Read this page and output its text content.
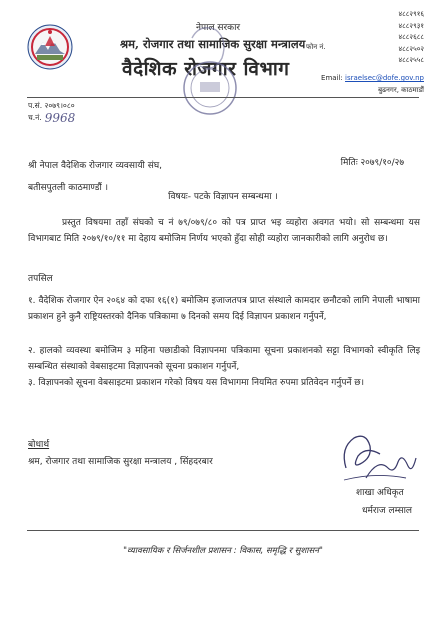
नेपाल सरकार
श्रम, रोजगार तथा सामाजिक सुरक्षा मन्त्रालय
वैदेशिक रोजगार विभाग
फोन नं.
४८८२९१६
४८८२९३१
४८८२६८८
४८८२५०२
४८८२५५८
Email: israelsec@dofe.gov.np
बुढनगर, काठमाडौं
प.सं. २०७९।०८०
च.नं. 9968
श्री नेपाल वैदेशिक रोजगार व्यवसायी संघ,
बतीसपुतली काठमाण्डौं ।
मितिः २०७९/१०/२७
विषयः- पटके विज्ञापन सम्बन्धमा ।
प्रस्तुत विषयमा तहाँ संघको च नं ७९/०७९/८० को पत्र प्राप्त भइ व्यहोरा अवगत भयो। सो सम्बन्धमा यस विभागबाट मिति २०७९/१०/११ मा देहाय बमोजिम निर्णय भएको हुँदा सोही व्यहोरा जानकारीको लागि अनुरोध छ।
तपसिल
१. वैदेशिक रोजगार ऐन २०६४ को दफा १६(१) बमोजिम इजाजतपत्र प्राप्त संस्थाले कामदार छनौटको लागि नेपाली भाषामा प्रकाशन हुने कुनै राष्ट्रियस्तरको दैनिक पत्रिकामा ७ दिनको समय दिई विज्ञापन प्रकाशन गर्नुपर्ने,
२. हालको व्यवस्था बमोजिम ३ महिना पछाडीको विज्ञापनमा पत्रिकामा सूचना प्रकाशनको सट्टा विभागको स्वीकृति लिइ सम्बन्धित संस्थाको वेबसाइटमा विज्ञापनको सूचना प्रकाशन गर्नुपर्ने,
३. विज्ञापनको सूचना वेबसाइटमा प्रकाशन गरेको विषय यस विभागमा नियमित रुपमा प्रतिवेदन गर्नुपर्ने छ।
बोधार्थ
श्रम, रोजगार तथा सामाजिक सुरक्षा मन्त्रालय , सिंहदरबार
शाखा अधिकृत
धर्मराज लम्साल
"व्यावसायिक र सिर्जनशील प्रशासन : विकास, समृद्धि र सुशासन"
